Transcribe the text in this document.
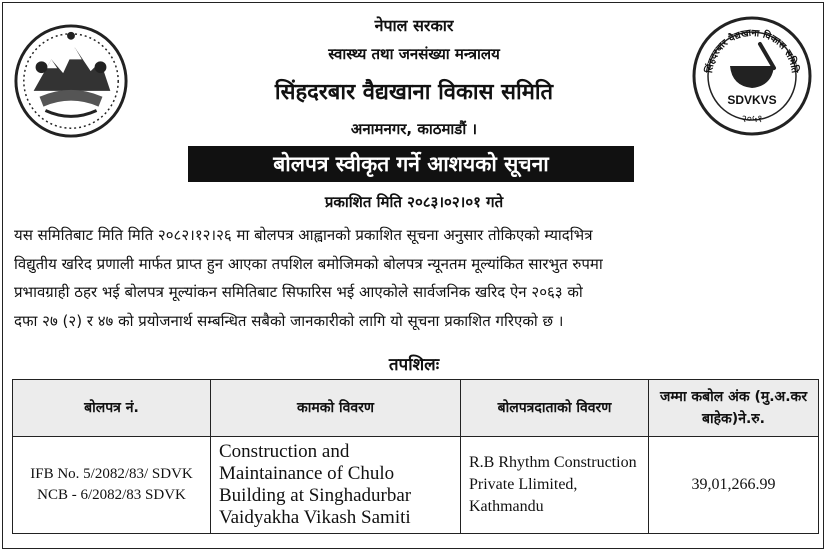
सिंहदरबार वैद्यखाना विकास समिति
SDVKVS
२०५१
नेपाल सरकार
स्वास्थ्य तथा जनसंख्या मन्त्रालय
सिंहदरबार वैद्यखाना विकास समिति
अनामनगर, काठमाडौं ।
बोलपत्र स्वीकृत गर्ने आशयको सूचना
प्रकाशित मिति २०८३।०२।०१ गते
यस समितिबाट मिति मिति २०८२।१२।२६ मा बोलपत्र आह्वानको प्रकाशित सूचना अनुसार तोकिएको म्यादभित्र
विद्युतीय खरिद प्रणाली मार्फत प्राप्त हुन आएका तपशिल बमोजिमको बोलपत्र न्यूनतम मूल्यांकित सारभुत रुपमा
प्रभावग्राही ठहर भई बोलपत्र मूल्यांकन समितिबाट सिफारिस भई आएकोले सार्वजनिक खरिद ऐन २०६३ को
दफा २७ (२) र ४७ को प्रयोजनार्थ सम्बन्धित सबैको जानकारीको लागि यो सूचना प्रकाशित गरिएको छ ।
तपशिलः
बोलपत्र नं.	कामको विवरण	बोलपत्रदाताको विवरण	जम्मा कबोल अंक (मु.अ.कर बाहेक)ने.रु.
IFB No. 5/2082/83/ SDVK NCB - 6/2082/83 SDVK	Construction and Maintainance of Chulo Building at Singhadurbar Vaidyakha Vikash Samiti	R.B Rhythm Construction Private Llimited, Kathmandu	39,01,266.99
